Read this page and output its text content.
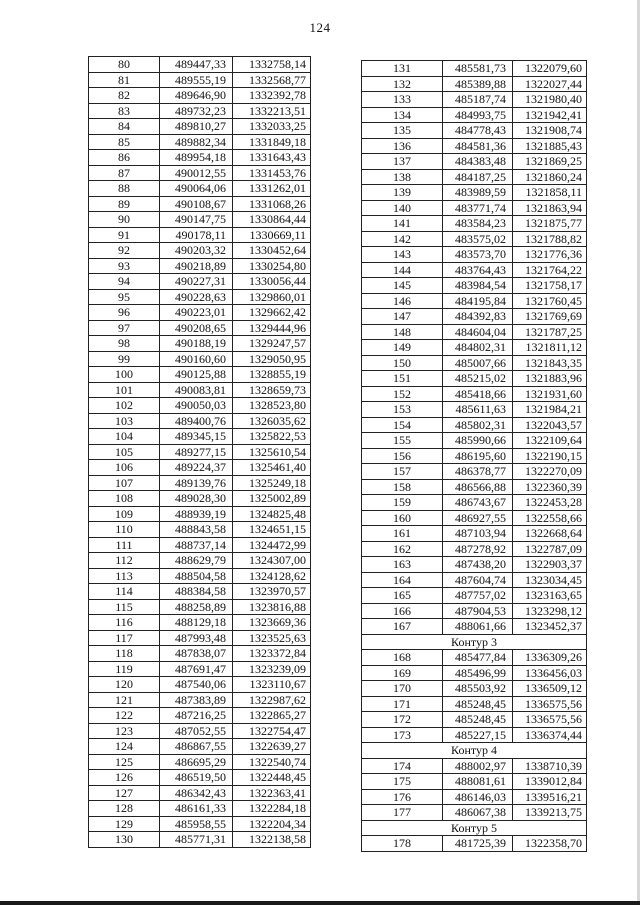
124
80	489447,33	1332758,14
81	489555,19	1332568,77
82	489646,90	1332392,78
83	489732,23	1332213,51
84	489810,27	1332033,25
85	489882,34	1331849,18
86	489954,18	1331643,43
87	490012,55	1331453,76
88	490064,06	1331262,01
89	490108,67	1331068,26
90	490147,75	1330864,44
91	490178,11	1330669,11
92	490203,32	1330452,64
93	490218,89	1330254,80
94	490227,31	1330056,44
95	490228,63	1329860,01
96	490223,01	1329662,42
97	490208,65	1329444,96
98	490188,19	1329247,57
99	490160,60	1329050,95
100	490125,88	1328855,19
101	490083,81	1328659,73
102	490050,03	1328523,80
103	489400,76	1326035,62
104	489345,15	1325822,53
105	489277,15	1325610,54
106	489224,37	1325461,40
107	489139,76	1325249,18
108	489028,30	1325002,89
109	488939,19	1324825,48
110	488843,58	1324651,15
111	488737,14	1324472,99
112	488629,79	1324307,00
113	488504,58	1324128,62
114	488384,58	1323970,57
115	488258,89	1323816,88
116	488129,18	1323669,36
117	487993,48	1323525,63
118	487838,07	1323372,84
119	487691,47	1323239,09
120	487540,06	1323110,67
121	487383,89	1322987,62
122	487216,25	1322865,27
123	487052,55	1322754,47
124	486867,55	1322639,27
125	486695,29	1322540,74
126	486519,50	1322448,45
127	486342,43	1322363,41
128	486161,33	1322284,18
129	485958,55	1322204,34
130	485771,31	1322138,58
131	485581,73	1322079,60
132	485389,88	1322027,44
133	485187,74	1321980,40
134	484993,75	1321942,41
135	484778,43	1321908,74
136	484581,36	1321885,43
137	484383,48	1321869,25
138	484187,25	1321860,24
139	483989,59	1321858,11
140	483771,74	1321863,94
141	483584,23	1321875,77
142	483575,02	1321788,82
143	483573,70	1321776,36
144	483764,43	1321764,22
145	483984,54	1321758,17
146	484195,84	1321760,45
147	484392,83	1321769,69
148	484604,04	1321787,25
149	484802,31	1321811,12
150	485007,66	1321843,35
151	485215,02	1321883,96
152	485418,66	1321931,60
153	485611,63	1321984,21
154	485802,31	1322043,57
155	485990,66	1322109,64
156	486195,60	1322190,15
157	486378,77	1322270,09
158	486566,88	1322360,39
159	486743,67	1322453,28
160	486927,55	1322558,66
161	487103,94	1322668,64
162	487278,92	1322787,09
163	487438,20	1322903,37
164	487604,74	1323034,45
165	487757,02	1323163,65
166	487904,53	1323298,12
167	488061,66	1323452,37
Контур 3		
168	485477,84	1336309,26
169	485496,99	1336456,03
170	485503,92	1336509,12
171	485248,45	1336575,56
172	485248,45	1336575,56
173	485227,15	1336374,44
Контур 4		
174	488002,97	1338710,39
175	488081,61	1339012,84
176	486146,03	1339516,21
177	486067,38	1339213,75
Контур 5		
178	481725,39	1322358,70
